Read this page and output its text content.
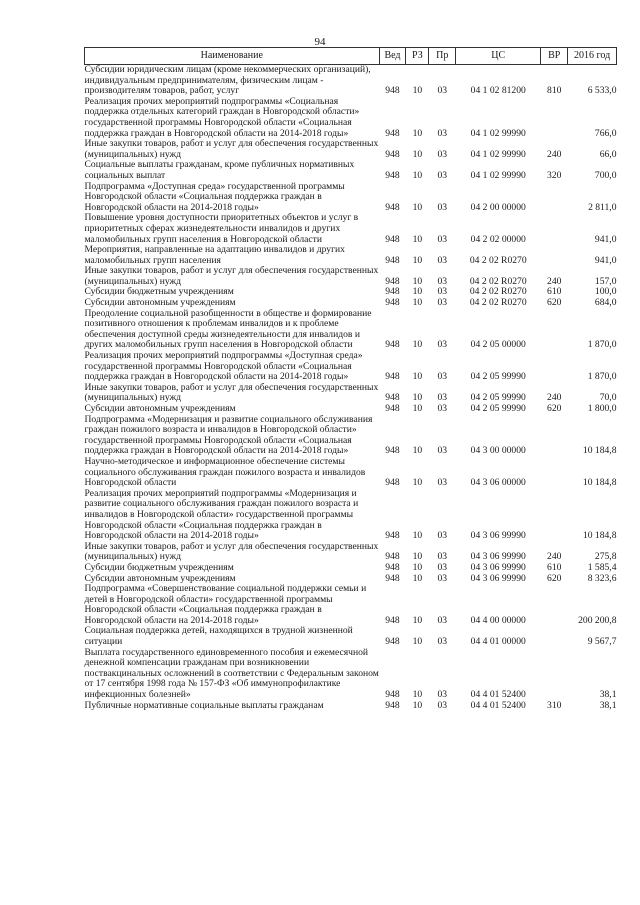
94
Наименование	Вед	РЗ	Пр	ЦС	ВР	2016 год
Субсидии юридическим лицам (кроме некоммерческих организаций), индивидуальным предпринимателям, физическим лицам - производителям товаров, работ, услуг	948	10	03	04 1 02 81200	810	6 533,0
Реализация прочих мероприятий подпрограммы «Социальная поддержка отдельных категорий граждан в Новгородской области» государственной программы Новгородской области «Социальная поддержка граждан в Новгородской области на 2014-2018 годы»	948	10	03	04 1 02 99990		766,0
Иные закупки товаров, работ и услуг для обеспечения государственных (муниципальных) нужд	948	10	03	04 1 02 99990	240	66,0
Социальные выплаты гражданам, кроме публичных нормативных социальных выплат	948	10	03	04 1 02 99990	320	700,0
Подпрограмма «Доступная среда» государственной программы Новгородской области «Социальная поддержка граждан в Новгородской области на 2014-2018 годы»	948	10	03	04 2 00 00000		2 811,0
Повышение уровня доступности приоритетных объектов и услуг в приоритетных сферах жизнедеятельности инвалидов и других маломобильных групп населения в Новгородской области	948	10	03	04 2 02 00000		941,0
Мероприятия, направленные на адаптацию инвалидов и других маломобильных групп населения	948	10	03	04 2 02 R0270		941,0
Иные закупки товаров, работ и услуг для обеспечения государственных (муниципальных) нужд	948	10	03	04 2 02 R0270	240	157,0
Субсидии бюджетным учреждениям	948	10	03	04 2 02 R0270	610	100,0
Субсидии автономным учреждениям	948	10	03	04 2 02 R0270	620	684,0
Преодоление социальной разобщенности в обществе и формирование позитивного отношения к проблемам инвалидов и к проблеме обеспечения доступной среды жизнедеятельности для инвалидов и других маломобильных групп населения в Новгородской области	948	10	03	04 2 05 00000		1 870,0
Реализация прочих мероприятий подпрограммы «Доступная среда» государственной программы Новгородской области «Социальная поддержка граждан в Новгородской области на 2014-2018 годы»	948	10	03	04 2 05 99990		1 870,0
Иные закупки товаров, работ и услуг для обеспечения государственных (муниципальных) нужд	948	10	03	04 2 05 99990	240	70,0
Субсидии автономным учреждениям	948	10	03	04 2 05 99990	620	1 800,0
Подпрограмма «Модернизация и развитие социального обслуживания граждан пожилого возраста и инвалидов в Новгородской области» государственной программы Новгородской области «Социальная поддержка граждан в Новгородской области на 2014-2018 годы»	948	10	03	04 3 00 00000		10 184,8
Научно-методическое и информационное обеспечение системы социального обслуживания граждан пожилого возраста и инвалидов Новгородской области	948	10	03	04 3 06 00000		10 184,8
Реализация прочих мероприятий подпрограммы «Модернизация и развитие социального обслуживания граждан пожилого возраста и инвалидов в Новгородской области» государственной программы Новгородской области «Социальная поддержка граждан в Новгородской области на 2014-2018 годы»	948	10	03	04 3 06 99990		10 184,8
Иные закупки товаров, работ и услуг для обеспечения государственных (муниципальных) нужд	948	10	03	04 3 06 99990	240	275,8
Субсидии бюджетным учреждениям	948	10	03	04 3 06 99990	610	1 585,4
Субсидии автономным учреждениям	948	10	03	04 3 06 99990	620	8 323,6
Подпрограмма «Совершенствование социальной поддержки семьи и детей в Новгородской области» государственной программы Новгородской области «Социальная поддержка граждан в Новгородской области на 2014-2018 годы»	948	10	03	04 4 00 00000		200 200,8
Социальная поддержка детей, находящихся в трудной жизненной ситуации	948	10	03	04 4 01 00000		9 567,7
Выплата государственного единовременного пособия и ежемесячной денежной компенсации гражданам при возникновении поствакцинальных осложнений в соответствии с Федеральным законом от 17 сентября 1998 года № 157-ФЗ «Об иммунопрофилактике инфекционных болезней»	948	10	03	04 4 01 52400		38,1
Публичные нормативные социальные выплаты гражданам	948	10	03	04 4 01 52400	310	38,1
